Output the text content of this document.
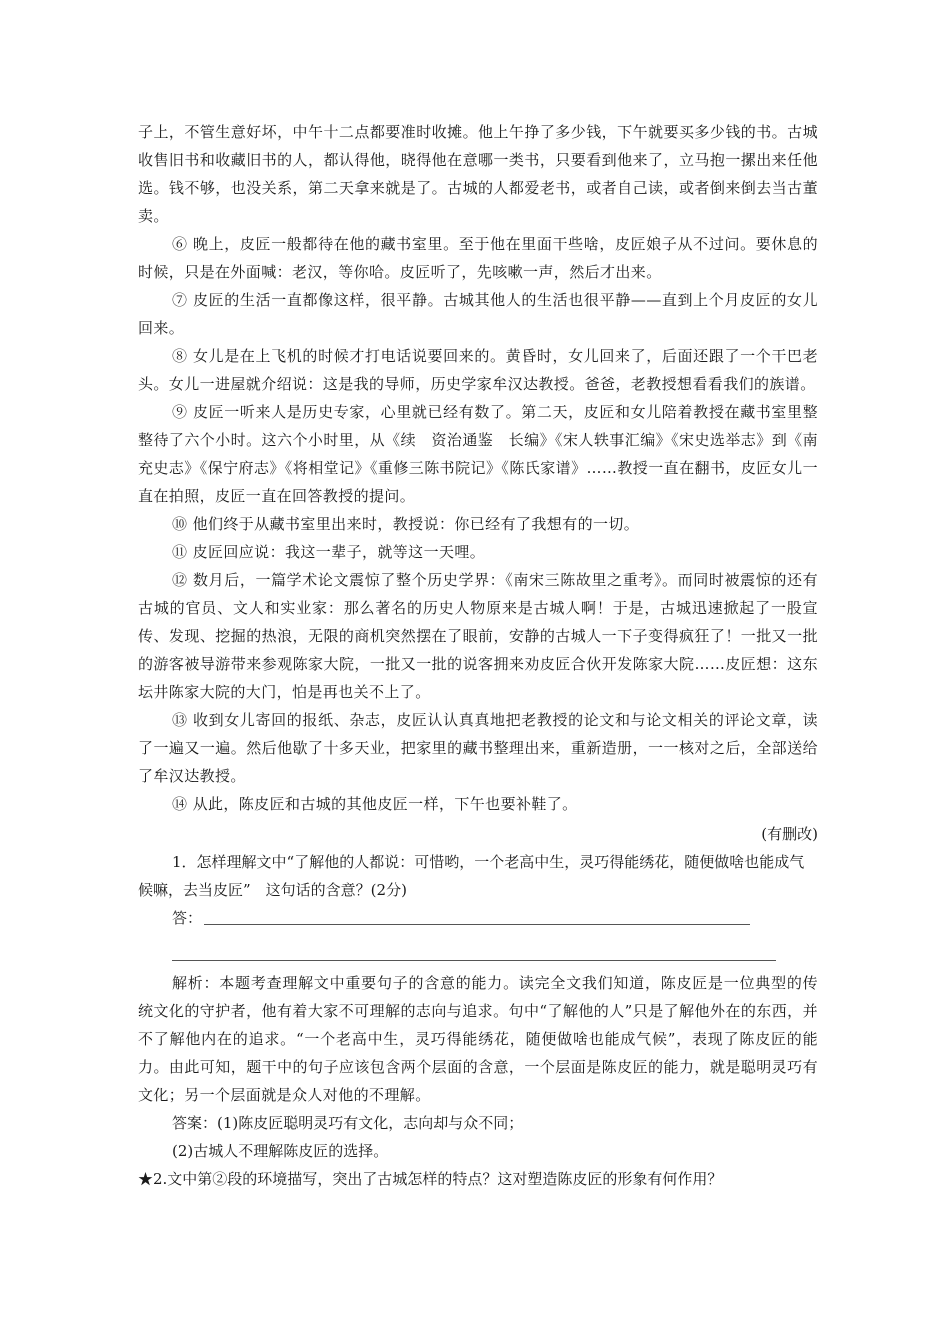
子上，不管生意好坏，中午十二点都要准时收摊。他上午挣了多少钱，下午就要买多少钱的书。古城收售旧书和收藏旧书的人，都认得他，晓得他在意哪一类书，只要看到他来了，立马抱一摞出来任他选。钱不够，也没关系，第二天拿来就是了。古城的人都爱老书，或者自己读，或者倒来倒去当古董卖。

⑥ 晚上，皮匠一般都待在他的藏书室里。至于他在里面干些啥，皮匠娘子从不过问。要休息的时候，只是在外面喊：老汉，等你哈。皮匠听了，先咳嗽一声，然后才出来。

⑦ 皮匠的生活一直都像这样，很平静。古城其他人的生活也很平静——直到上个月皮匠的女儿回来。

⑧ 女儿是在上飞机的时候才打电话说要回来的。黄昏时，女儿回来了，后面还跟了一个干巴老头。女儿一进屋就介绍说：这是我的导师，历史学家牟汉达教授。爸爸，老教授想看看我们的族谱。

⑨ 皮匠一听来人是历史专家，心里就已经有数了。第二天，皮匠和女儿陪着教授在藏书室里整整待了六个小时。这六个小时里，从《续　资治通鉴　长编》《宋人轶事汇编》《宋史选举志》到《南充史志》《保宁府志》《将相堂记》《重修三陈书院记》《陈氏家谱》……教授一直在翻书，皮匠女儿一直在拍照，皮匠一直在回答教授的提问。

⑩ 他们终于从藏书室里出来时，教授说：你已经有了我想有的一切。

⑪ 皮匠回应说：我这一辈子，就等这一天哩。

⑫ 数月后，一篇学术论文震惊了整个历史学界：《南宋三陈故里之重考》。而同时被震惊的还有古城的官员、文人和实业家：那么著名的历史人物原来是古城人啊！于是，古城迅速掀起了一股宣传、发现、挖掘的热浪，无限的商机突然摆在了眼前，安静的古城人一下子变得疯狂了！一批又一批的游客被导游带来参观陈家大院，一批又一批的说客拥来劝皮匠合伙开发陈家大院……皮匠想：这东坛井陈家大院的大门，怕是再也关不上了。

⑬ 收到女儿寄回的报纸、杂志，皮匠认认真真地把老教授的论文和与论文相关的评论文章，读了一遍又一遍。然后他歇了十多天业，把家里的藏书整理出来，重新造册，一一核对之后，全部送给了牟汉达教授。

⑭ 从此，陈皮匠和古城的其他皮匠一样，下午也要补鞋了。

(有删改)

1．怎样理解文中“了解他的人都说：可惜哟，一个老高中生，灵巧得能绣花，随便做啥也能成气候嘛，去当皮匠”　这句话的含意？(2分)

答：

解析：本题考查理解文中重要句子的含意的能力。读完全文我们知道，陈皮匠是一位典型的传统文化的守护者，他有着大家不可理解的志向与追求。句中“了解他的人”只是了解他外在的东西，并不了解他内在的追求。“一个老高中生，灵巧得能绣花，随便做啥也能成气候”，表现了陈皮匠的能力。由此可知，题干中的句子应该包含两个层面的含意，一个层面是陈皮匠的能力，就是聪明灵巧有文化；另一个层面就是众人对他的不理解。

答案：(1)陈皮匠聪明灵巧有文化，志向却与众不同；

(2)古城人不理解陈皮匠的选择。

★2.文中第②段的环境描写，突出了古城怎样的特点？这对塑造陈皮匠的形象有何作用？
